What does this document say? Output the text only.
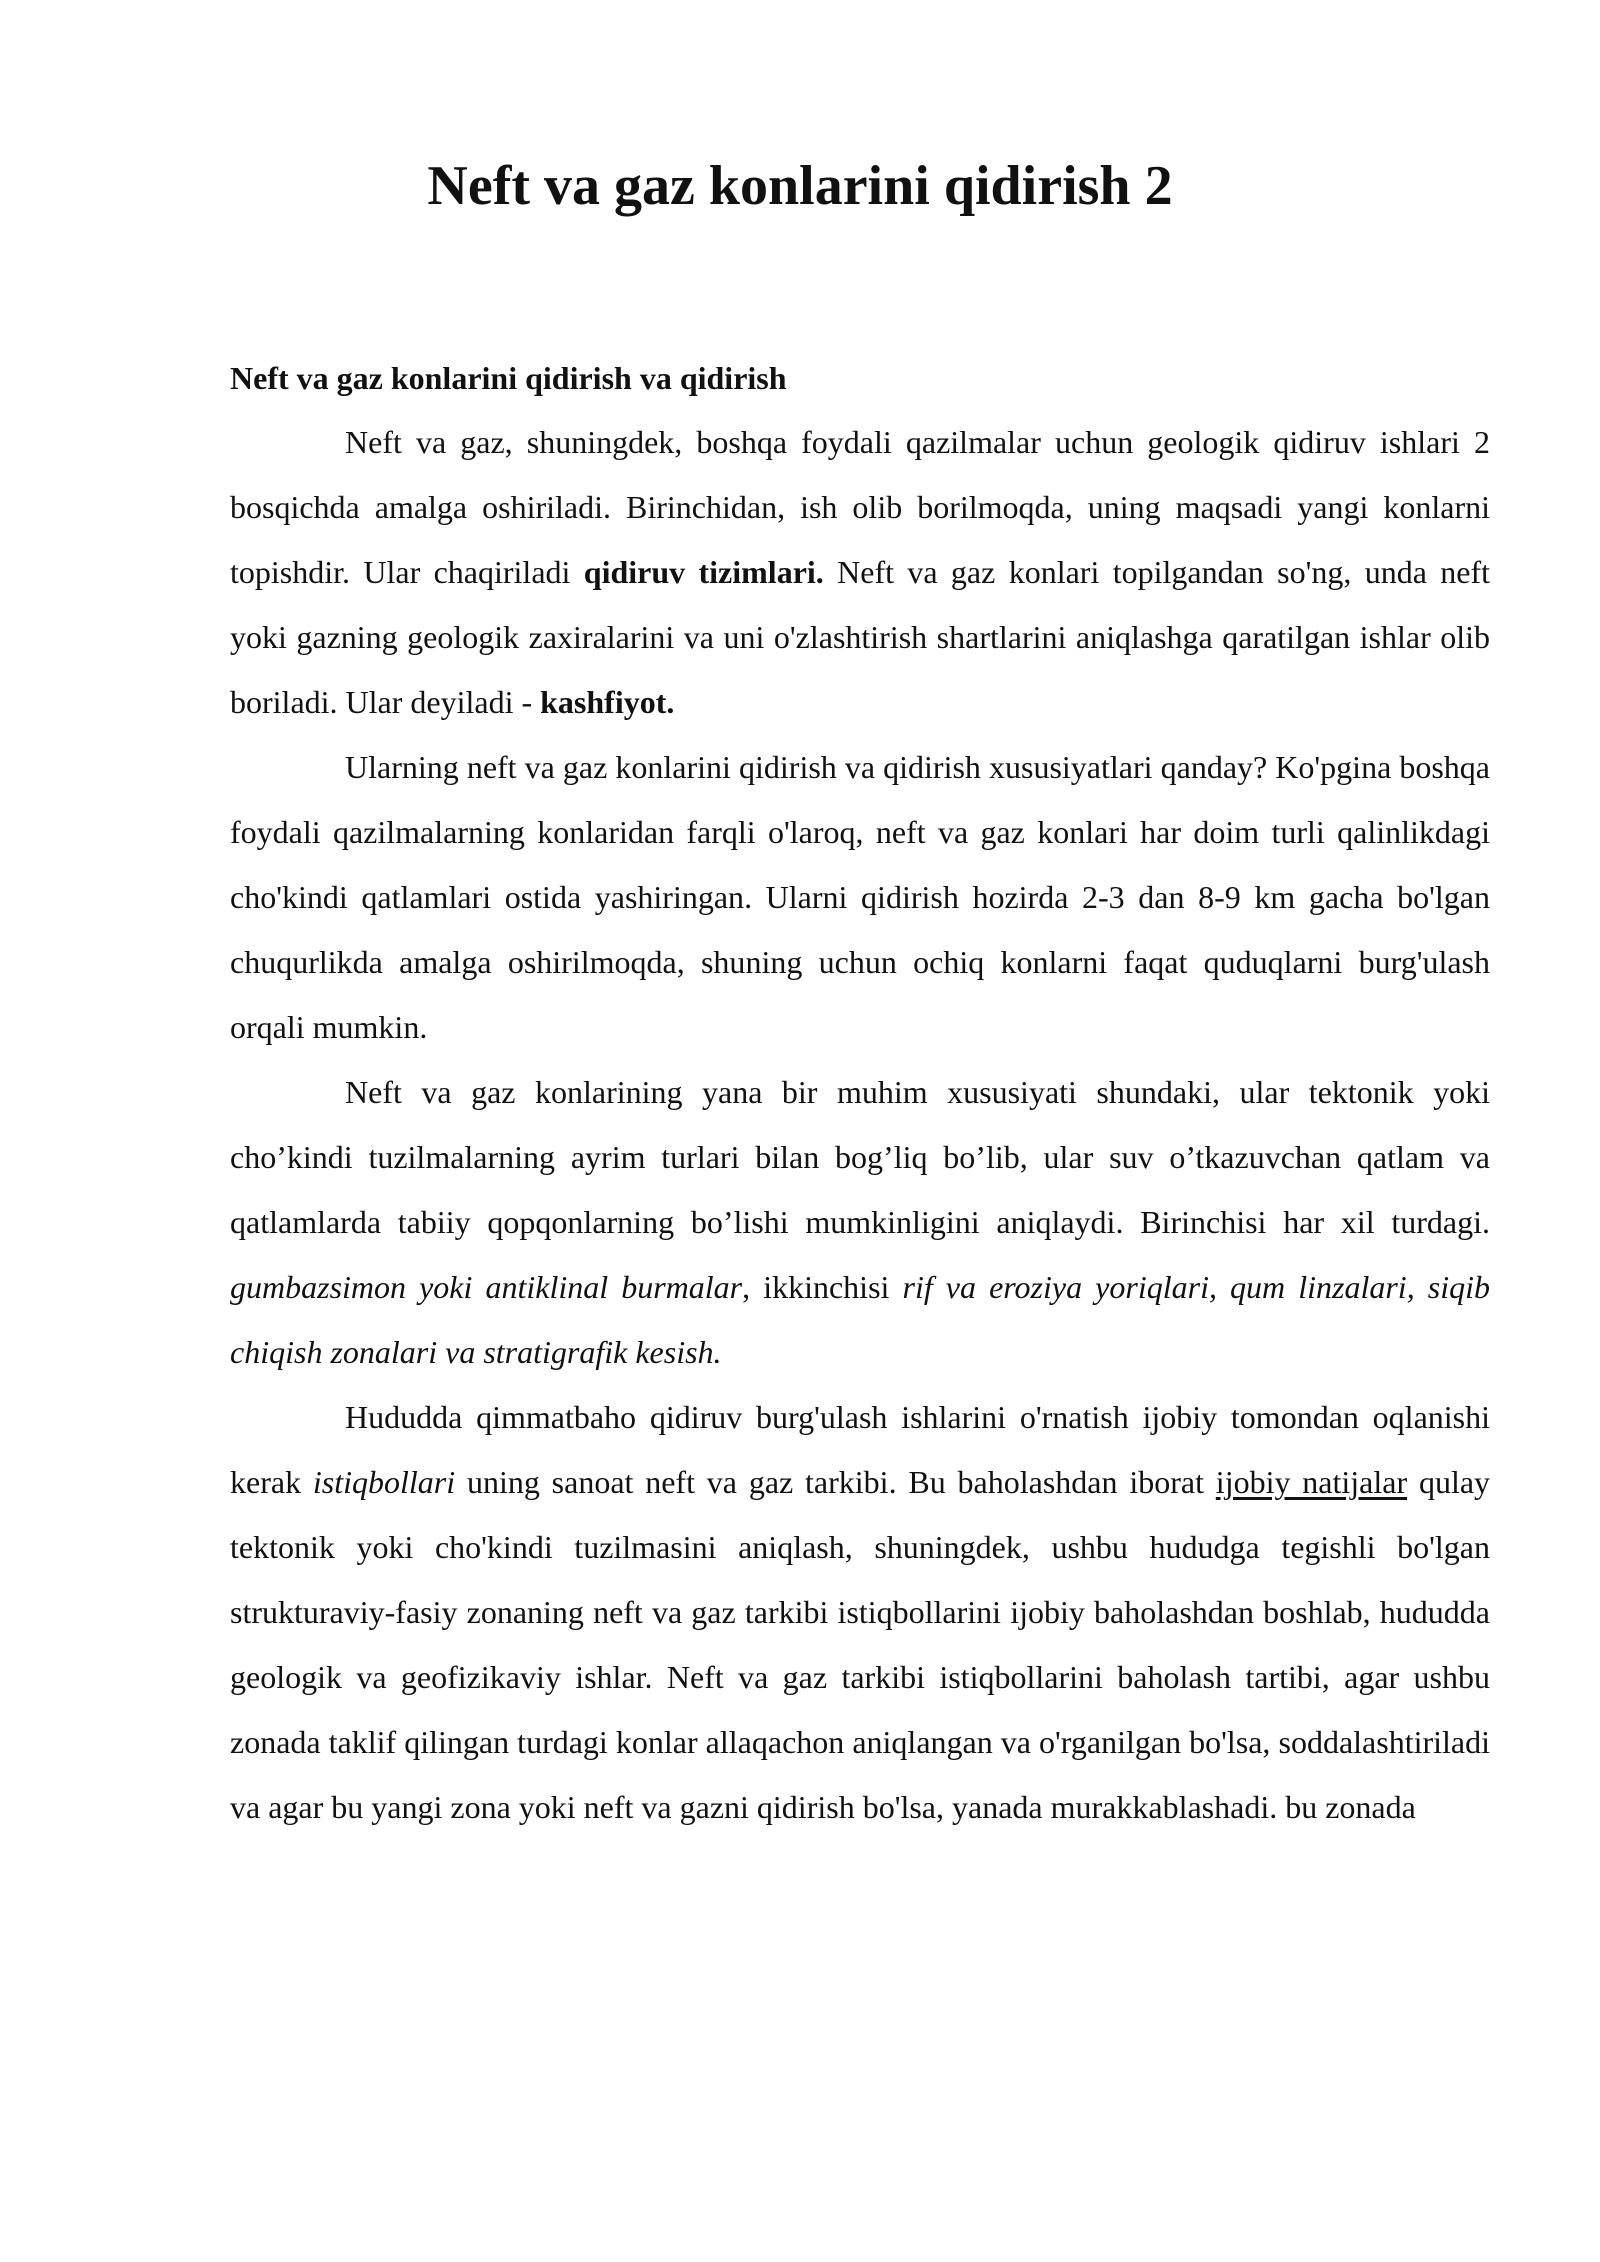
Neft va gaz konlarini qidirish 2

Neft va gaz konlarini qidirish va qidirish

Neft va gaz, shuningdek, boshqa foydali qazilmalar uchun geologik qidiruv ishlari 2 bosqichda amalga oshiriladi. Birinchidan, ish olib borilmoqda, uning maqsadi yangi konlarni topishdir. Ular chaqiriladi qidiruv tizimlari. Neft va gaz konlari topilgandan so'ng, unda neft yoki gazning geologik zaxiralarini va uni o'zlashtirish shartlarini aniqlashga qaratilgan ishlar olib boriladi. Ular deyiladi - kashfiyot.

Ularning neft va gaz konlarini qidirish va qidirish xususiyatlari qanday? Ko'pgina boshqa foydali qazilmalarning konlaridan farqli o'laroq, neft va gaz konlari har doim turli qalinlikdagi cho'kindi qatlamlari ostida yashiringan. Ularni qidirish hozirda 2-3 dan 8-9 km gacha bo'lgan chuqurlikda amalga oshirilmoqda, shuning uchun ochiq konlarni faqat quduqlarni burg'ulash orqali mumkin.

Neft va gaz konlarining yana bir muhim xususiyati shundaki, ular tektonik yoki cho’kindi tuzilmalarning ayrim turlari bilan bog’liq bo’lib, ular suv o’tkazuvchan qatlam va qatlamlarda tabiiy qopqonlarning bo’lishi mumkinligini aniqlaydi. Birinchisi har xil turdagi. gumbazsimon yoki antiklinal burmalar, ikkinchisi rif va eroziya yoriqlari, qum linzalari, siqib chiqish zonalari va stratigrafik kesish.

Hududda qimmatbaho qidiruv burg'ulash ishlarini o'rnatish ijobiy tomondan oqlanishi kerak istiqbollari uning sanoat neft va gaz tarkibi. Bu baholashdan iborat ijobiy natijalar qulay tektonik yoki cho'kindi tuzilmasini aniqlash, shuningdek, ushbu hududga tegishli bo'lgan strukturaviy-fasiy zonaning neft va gaz tarkibi istiqbollarini ijobiy baholashdan boshlab, hududda geologik va geofizikaviy ishlar. Neft va gaz tarkibi istiqbollarini baholash tartibi, agar ushbu zonada taklif qilingan turdagi konlar allaqachon aniqlangan va o'rganilgan bo'lsa, soddalashtiriladi va agar bu yangi zona yoki neft va gazni qidirish bo'lsa, yanada murakkablashadi. bu zonada
